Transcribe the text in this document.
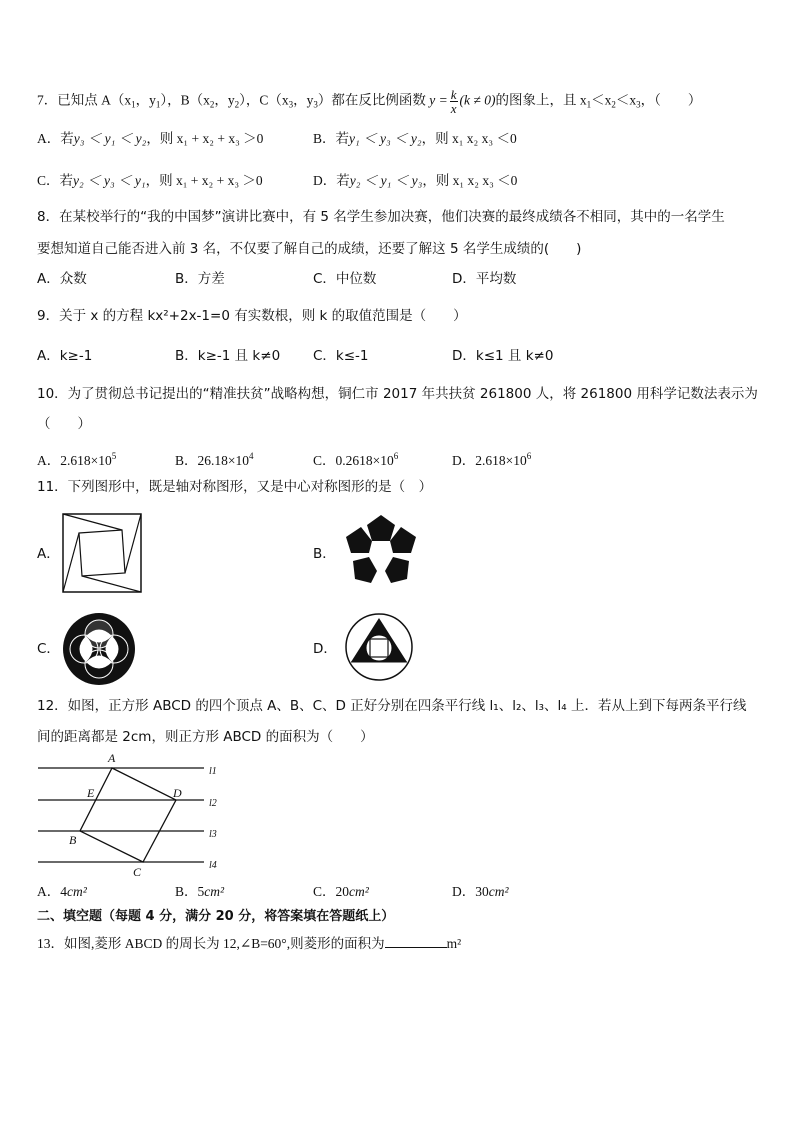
7．已知点 $A(x_1$，$y_1$），$B(x_2$，$y_2$），$C(x_3$，$y_3$）都在反比例函数 $y = \frac{k}{x} (k \ne 0)$的图象上，且 $x_1<x_2<x_3$，（　　）
A．若y₃ ＜ y₁ ＜ y₂，则 x₁ + x₂ + x₃ ＞0	B．若y₁ ＜ y₃ ＜ y₂，则 x₁ x₂ x₃ ＜0
C．若y₂ ＜ y₃ ＜ y₁，则 x₁ + x₂ + x₃ ＞0	D．若y₂ ＜ y₁ ＜ y₃，则 x₁ x₂ x₃ ＜0
8．在某校举行的“我的中国梦”演讲比赛中，有 5 名学生参加决赛，他们决赛的最终成绩各不相同，其中的一名学生
要想知道自己能否进入前 3 名，不仅要了解自己的成绩，还要了解这 5 名学生成绩的(　　)
A．众数	B．方差	C．中位数	D．平均数
9．关于 x 的方程 kx²+2x-1=0 有实数根，则 k 的取值范围是（　　）
A．k≥-1	B．k≥-1 且 k≠0 C．k≤-1	D．k≤1 且 k≠0
10．为了贯彻总书记提出的“精准扶贫”战略构想，铜仁市 2017 年共扶贫 261800 人，将 261800 用科学记数法表示为
（　　）
A．$2.618\times 10^5$	B．$26.18\times 10^4$	C．$0.2618\times 10^6$	D．$2.618\times 10^6$
11．下列图形中，既是轴对称图形，又是中心对称图形的是（　）
A．	B．
C．	D．
12．如图，正方形 ABCD 的四个顶点 A、B、C、D 正好分别在四条平行线 l₁、l₂、l₃、l₄ 上．若从上到下每两条平行线
间的距离都是 2cm，则正方形 ABCD 的面积为（　　）
A
B
C
D
E
l1
l2
l3
l4
A．4cm²	B．5cm²	C．20cm²	D．30cm²
二、填空题（每题 4 分，满分 20 分，将答案填在答题纸上）
13．如图,菱形 ABCD 的周长为 12,∠B=60°,则菱形的面积为	m²
